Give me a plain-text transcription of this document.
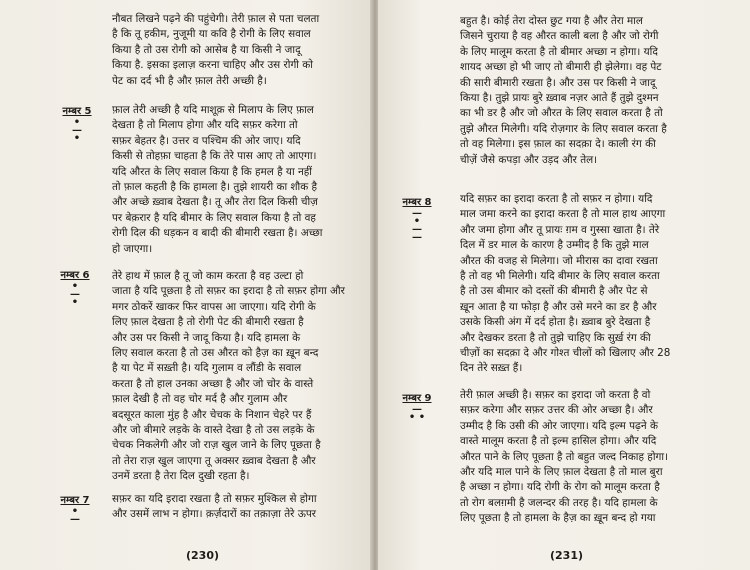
नौबत लिखने पढ़ने की पहुंचेगी। तेरी फ़ाल से पता चलता
है कि तू हकीम, नुजूमी या कवि है रोगी के लिए सवाल
किया है तो उस रोगी को आसेब है या किसी ने जादू
किया है. इसका इलाज़ करना चाहिए और उस रोगी को
पेट का दर्द भी है और फ़ाल तेरी अच्छी है।
नम्बर 5
•
—
•
फ़ाल तेरी अच्छी है यदि माशूक़ से मिलाप के लिए फ़ाल
देखता है तो मिलाप होगा और यदि सफ़र करेगा तो
सफ़र बेहतर है। उत्तर व पश्चिम की ओर जाए। यदि
किसी से तोहफ़ा चाहता है कि तेरे पास आए तो आएगा।
यदि औरत के लिए सवाल किया है कि हमल है या नहीं
तो फ़ाल कहती है कि हामला है। तुझे शायरी का शौक है
और अच्छे ख़्वाब देखता है। तू और तेरा दिल किसी चीज़
पर बेक़रार है यदि बीमार के लिए सवाल किया है तो वह
रोगी दिल की धड़कन व बादी की बीमारी रखता है। अच्छा
हो जाएगा।
नम्बर 6
•
—
•
तेरे हाथ में फ़ाल है तू जो काम करता है वह उल्टा हो
जाता है यदि पूछता है तो सफ़र का इरादा है तो सफ़र होगा और
मगर ठोकरें खाकर फिर वापस आ जाएगा। यदि रोगी के
लिए फ़ाल देखता है तो रोगी पेट की बीमारी रखता है
और उस पर किसी ने जादू किया है। यदि हामला के
लिए सवाल करता है तो उस औरत को हैज़ का ख़ून बन्द
है या पेट में सख़्ती है। यदि गुलाम व लौंडी के सवाल
करता है तो हाल उनका अच्छा है और जो चोर के वास्ते
फ़ाल देखी है तो वह चोर मर्द है और गुलाम और
बदसूरत काला मुंह है और चेचक के निशान चेहरे पर हैं
और जो बीमारे लड़के के वास्ते देखा है तो उस लड़के के
चेचक निकलेगी और जो राज़ खुल जाने के लिए पूछता है
तो तेरा राज़ खुल जाएगा तू अक्सर ख़्वाब देखता है और
उनमें डरता है तेरा दिल दुखी रहता है।
नम्बर 7
•
—
सफ़र का यदि इरादा रखता है तो सफ़र मुश्किल से होगा
और उसमें लाभ न होगा। क़र्ज़दारों का तक़ाज़ा तेरे ऊपर
(230)
बहुत है। कोई तेरा दोस्त छुट गया है और तेरा माल
जिसने चुराया है वह औरत काली बला है और जो रोगी
के लिए मालूम करता है तो बीमार अच्छा न होगा। यदि
शायद अच्छा हो भी जाए तो बीमारी ही झेलेगा। वह पेट
की सारी बीमारी रखता है। और उस पर किसी ने जादू
किया है। तुझे प्रायः बुरे ख़्वाब नज़र आते हैं तुझे दुश्मन
का भी डर है और जो औरत के लिए सवाल करता है तो
तुझे औरत मिलेगी। यदि रोज़गार के लिए सवाल करता है
तो वह मिलेगा। इस फ़ाल का सदक़ा दे। काली रंग की
चीज़ें जैसे कपड़ा और उड़द और तेल।
नम्बर 8
—
•
—
—
यदि सफ़र का इरादा करता है तो सफ़र न होगा। यदि
माल जमा करने का इरादा करता है तो माल हाथ आएगा
और जमा होगा और तू प्रायः ग़म व गुस्सा खाता है। तेरे
दिल में डर माल के कारण है उम्मीद है कि तुझे माल
औरत की वजह से मिलेगा। जो मीरास का दावा रखता
है तो वह भी मिलेगी। यदि बीमार के लिए सवाल करता
है तो उस बीमार को दस्तों की बीमारी है और पेट से
ख़ून आता है या फोड़ा है और उसे मरने का डर है और
उसके किसी अंग में दर्द होता है। ख़्वाब बुरे देखता है
और देखकर डरता है तो तुझे चाहिए कि सुर्ख़ रंग की
चीज़ों का सदक़ा दे और गोश्त चीलों को खिलाए और 28
दिन तेरे सख़्त हैं।
नम्बर 9
—
• •
तेरी फ़ाल अच्छी है। सफ़र का इरादा जो करता है वो
सफ़र करेगा और सफ़र उत्तर की ओर अच्छा है। और
उम्मीद है कि उसी की ओर जाएगा। यदि इल्म पढ़ने के
वास्ते मालूम करता है तो इल्म हासिल होगा। और यदि
औरत पाने के लिए पूछता है तो बहुत जल्द निकाह होगा।
और यदि माल पाने के लिए फ़ाल देखता है तो माल बुरा
है अच्छा न होगा। यदि रोगी के रोग को मालूम करता है
तो रोग बलग़मी है जलन्दर की तरह है। यदि हामला के
लिए पूछता है तो हामला के हैज़ का ख़ून बन्द हो गया
(231)
